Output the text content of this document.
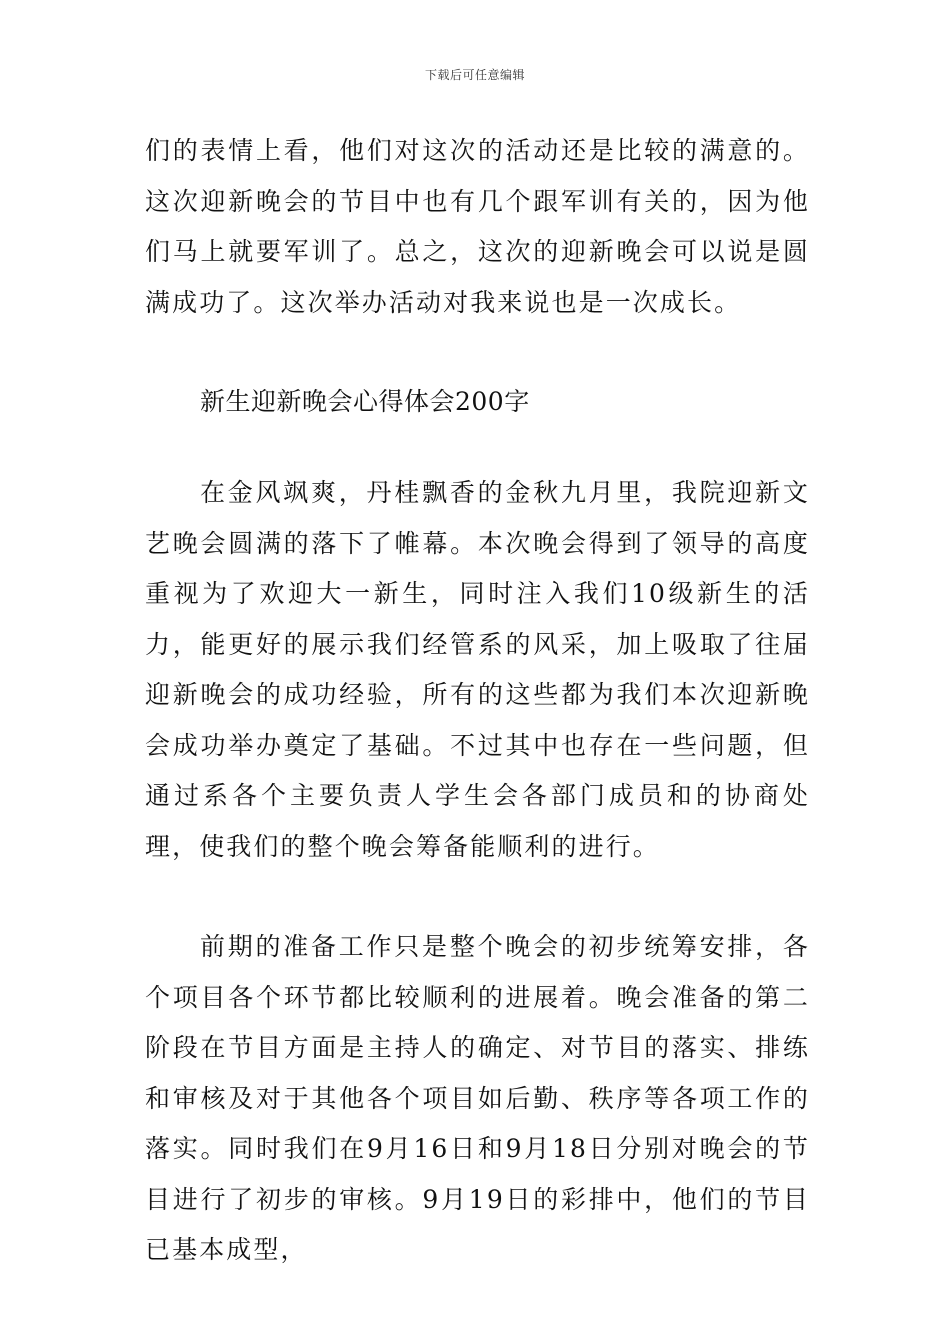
下载后可任意编辑

们的表情上看，他们对这次的活动还是比较的满意的。这次迎新晚会的节目中也有几个跟军训有关的，因为他们马上就要军训了。总之，这次的迎新晚会可以说是圆满成功了。这次举办活动对我来说也是一次成长。

新生迎新晚会心得体会200字

在金风飒爽，丹桂飘香的金秋九月里，我院迎新文艺晚会圆满的落下了帷幕。本次晚会得到了领导的高度重视为了欢迎大一新生，同时注入我们10级新生的活力，能更好的展示我们经管系的风采，加上吸取了往届迎新晚会的成功经验，所有的这些都为我们本次迎新晚会成功举办奠定了基础。不过其中也存在一些问题，但通过系各个主要负责人学生会各部门成员和的协商处理，使我们的整个晚会筹备能顺利的进行。

前期的准备工作只是整个晚会的初步统筹安排，各个项目各个环节都比较顺利的进展着。晚会准备的第二阶段在节目方面是主持人的确定、对节目的落实、排练和审核及对于其他各个项目如后勤、秩序等各项工作的落实。同时我们在9月16日和9月18日分别对晚会的节目进行了初步的审核。9月19日的彩排中，他们的节目已基本成型，
